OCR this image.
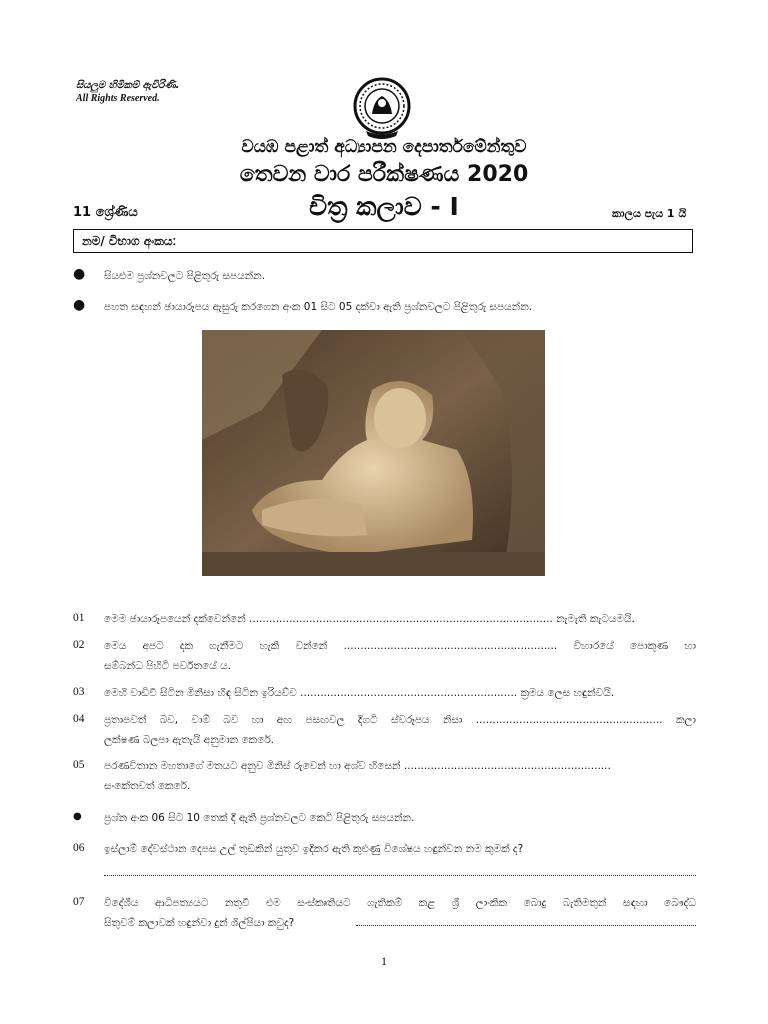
සියලුම හිමිකම් ඇවිරිණි.
All Rights Reserved.
වයඹ පළාත් අධ්‍යාපන දෙපාර්තමේන්තුව
තෙවන වාර පරීක්ෂණය 2020
11 ශ්‍රේණිය	චිත්‍ර කලාව - I	කාලය පැය 1 යි
නම/ විභාග අංකයː
● සියළුම ප්‍රශ්නවලට පිළිතුරු සපයන්න.
● පහත සඳහන් ඡායාරූපය ඇසුරු කරගෙන අංක 01 සිට 05 දක්වා ඇති ප්‍රශ්නවලට පිළිතුරු සපයන්න.
01 මෙම ඡායාරූපයෙන් දක්වෙන්නේ ........................................................................................... නැමැති කැටයමයි.
02 මෙය අපට දක ගැනීමට හැකි වන්නේ ................................................................ විහාරයේ පොකුණ හා
සම්බන්ධ පිහිටි පර්වතයේ ය.
03 මෙහි වාඩිවී සිටින මිනිසා හිඳ සිටින ඉරියව්ව ................................................................. ක්‍රමය ලෙස හඳුන්වයි.
04 ප්‍රතාපවත් බව, වාම් බව හා අඟ පසඟවල දිගටි ස්වරූපය නිසා ........................................................ කලා
ලක්ෂණ බලපා ඇතැයි අනුමාන කෙරේ.
05 පරණවිතාන මහතාගේ මතයට අනුව මිනිස් රුවෙන් හා අශ්ව හිසෙන් ..............................................................
සංකේතවත් කෙරේ.
● ප්‍රශ්න අංක 06 සිට 10 තෙක් දී ඇති ප්‍රශ්නවලට කෙටි පිළිතුරු සපයන්න.
06 ඉස්ලාම් දේවස්ථාන දෙපස උල් තුඩකින් යුතුව ඉදිකර ඇති කුළුණු විශේෂය හඳුන්වන නම කුමක් ද?
07 විදේශීය ආධිපත්‍යයට නතුවී එම සංස්කෘතියට ගැතිකම් කළ ශ්‍රී ලාංකික බොදු බැතිමතුන් සඳහා බෞද්ධ
සිතුවම් කලාවක් හඳුන්වා දුන් ශිල්පියා කවුද?
1
